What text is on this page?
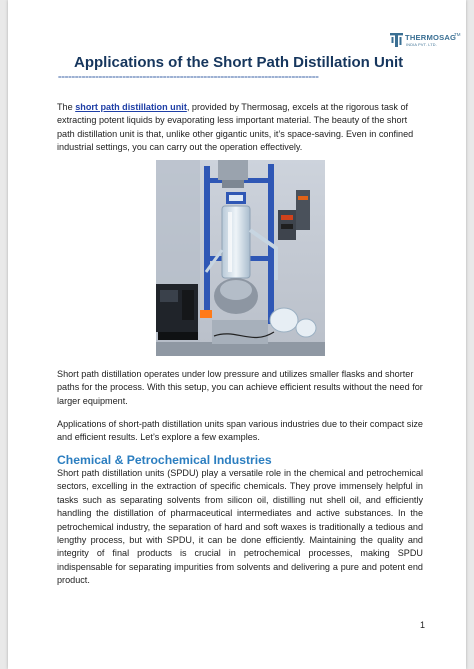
THERMOSAG
TM
INDIA PVT. LTD.
Applications of the Short Path Distillation Unit
=============================================================================

The short path distillation unit, provided by Thermosag, excels at the rigorous task of extracting potent liquids by evaporating less important material. The beauty of the short path distillation unit is that, unlike other gigantic units, it’s space-saving. Even in confined industrial settings, you can carry out the operation effectively.

Short path distillation operates under low pressure and utilizes smaller flasks and shorter paths for the process. With this setup, you can achieve efficient results without the need for larger equipment.

Applications of short-path distillation units span various industries due to their compact size and efficient results. Let’s explore a few examples.

Chemical & Petrochemical Industries

Short path distillation units (SPDU) play a versatile role in the chemical and petrochemical sectors, excelling in the extraction of specific chemicals. They prove immensely helpful in tasks such as separating solvents from silicon oil, distilling nut shell oil, and efficiently handling the distillation of pharmaceutical intermediates and active substances. In the petrochemical industry, the separation of hard and soft waxes is traditionally a tedious and lengthy process, but with SPDU, it can be done efficiently. Maintaining the quality and integrity of final products is crucial in petrochemical processes, making SPDU indispensable for separating impurities from solvents and delivering a pure and potent end product.

1
